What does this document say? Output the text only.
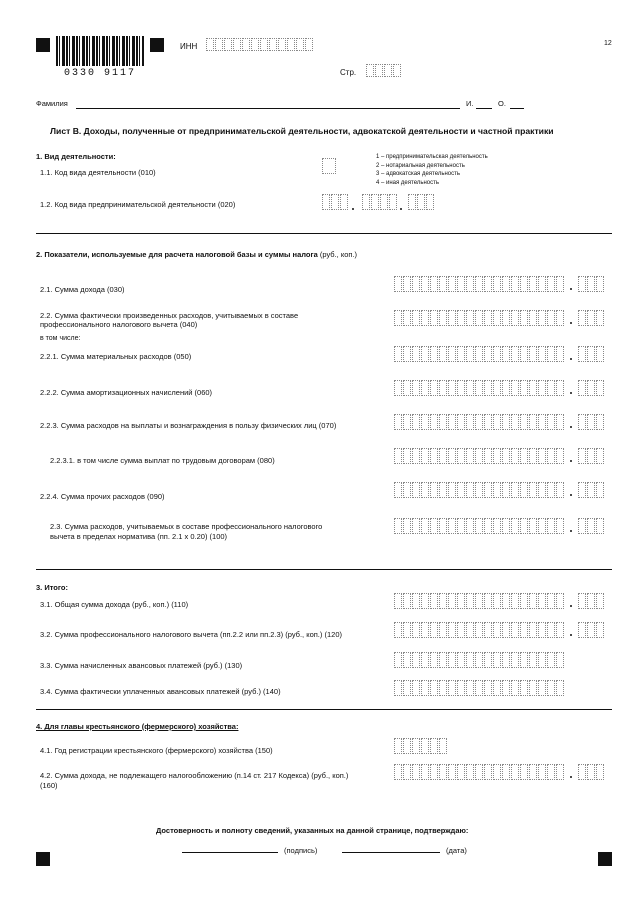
0330 9117
ИНН	12
Стр.
Фамилия	И.	О.
Лист В. Доходы, полученные от предпринимательской деятельности, адвокатской деятельности и частной практики
1. Вид деятельности:
1.1. Код вида деятельности (010)
1 – предпринимательская деятельность
2 – нотариальная деятельность
3 – адвокатская деятельность
4 – иная деятельность
1.2. Код вида предпринимательской деятельности (020)
2. Показатели, используемые для расчета налоговой базы и суммы налога (руб., коп.)
2.1. Сумма дохода (030)
2.2. Сумма фактически произведенных расходов, учитываемых в составе
профессионального налогового вычета (040)
в том числе:
2.2.1. Сумма материальных расходов (050)
2.2.2. Сумма амортизационных начислений (060)
2.2.3. Сумма расходов на выплаты и вознаграждения в пользу физических лиц (070)
2.2.3.1. в том числе сумма выплат по трудовым договорам (080)
2.2.4. Сумма прочих расходов (090)
2.3. Сумма расходов, учитываемых в составе профессионального налогового
вычета в пределах норматива (пп. 2.1 х 0.20) (100)
3. Итого:
3.1. Общая сумма дохода (руб., коп.) (110)
3.2. Сумма профессионального налогового вычета (пп.2.2 или пп.2.3) (руб., коп.) (120)
3.3. Сумма начисленных авансовых платежей (руб.) (130)
3.4. Сумма фактически уплаченных авансовых платежей (руб.) (140)
4. Для главы крестьянского (фермерского) хозяйства:
4.1. Год регистрации крестьянского (фермерского) хозяйства (150)
4.2. Сумма дохода, не подлежащего налогообложению (п.14 ст. 217 Кодекса) (руб., коп.)
(160)
Достоверность и полноту сведений, указанных на данной странице, подтверждаю:
(подпись)	(дата)
